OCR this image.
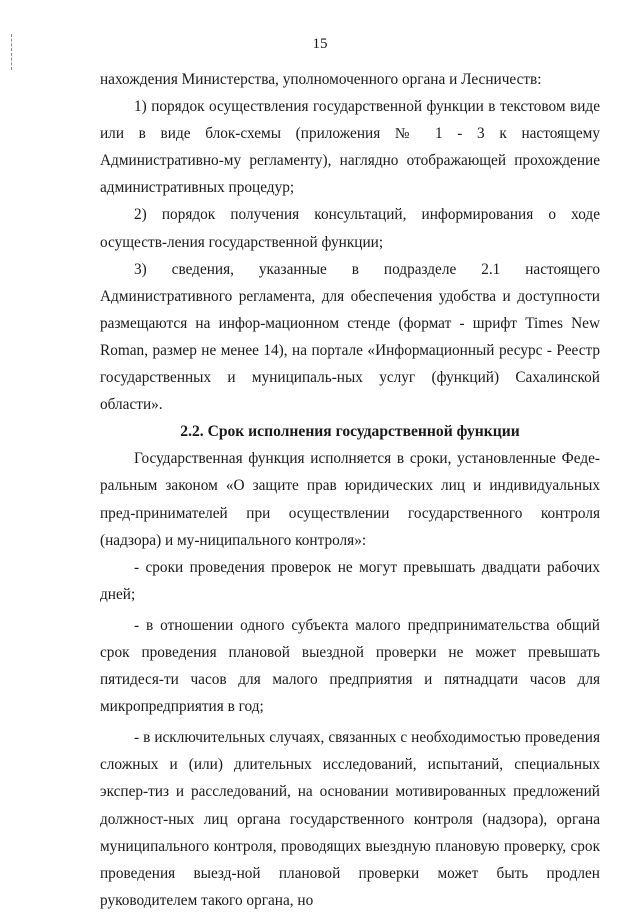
15

нахождения Министерства, уполномоченного органа и Лесничеств:

1) порядок осуществления государственной функции в текстовом виде или в виде блок-схемы (приложения № 1 - 3 к настоящему Административно-му регламенту), наглядно отображающей прохождение административных процедур;

2) порядок получения консультаций, информирования о ходе осуществ-ления государственной функции;

3) сведения, указанные в подразделе 2.1 настоящего Административного регламента, для обеспечения удобства и доступности размещаются на инфор-мационном стенде (формат - шрифт Times New Roman, размер не менее 14), на портале «Информационный ресурс - Реестр государственных и муниципаль-ных услуг (функций) Сахалинской области».

2.2. Срок исполнения государственной функции

Государственная функция исполняется в сроки, установленные Феде-ральным законом «О защите прав юридических лиц и индивидуальных пред-принимателей при осуществлении государственного контроля (надзора) и му-ниципального контроля»:

- сроки проведения проверок не могут превышать двадцати рабочих дней;

- в отношении одного субъекта малого предпринимательства общий срок проведения плановой выездной проверки не может превышать пятидеся-ти часов для малого предприятия и пятнадцати часов для микропредприятия в год;

- в исключительных случаях, связанных с необходимостью проведения сложных и (или) длительных исследований, испытаний, специальных экспер-тиз и расследований, на основании мотивированных предложений должност-ных лиц органа государственного контроля (надзора), органа муниципального контроля, проводящих выездную плановую проверку, срок проведения выезд-ной плановой проверки может быть продлен руководителем такого органа, но
